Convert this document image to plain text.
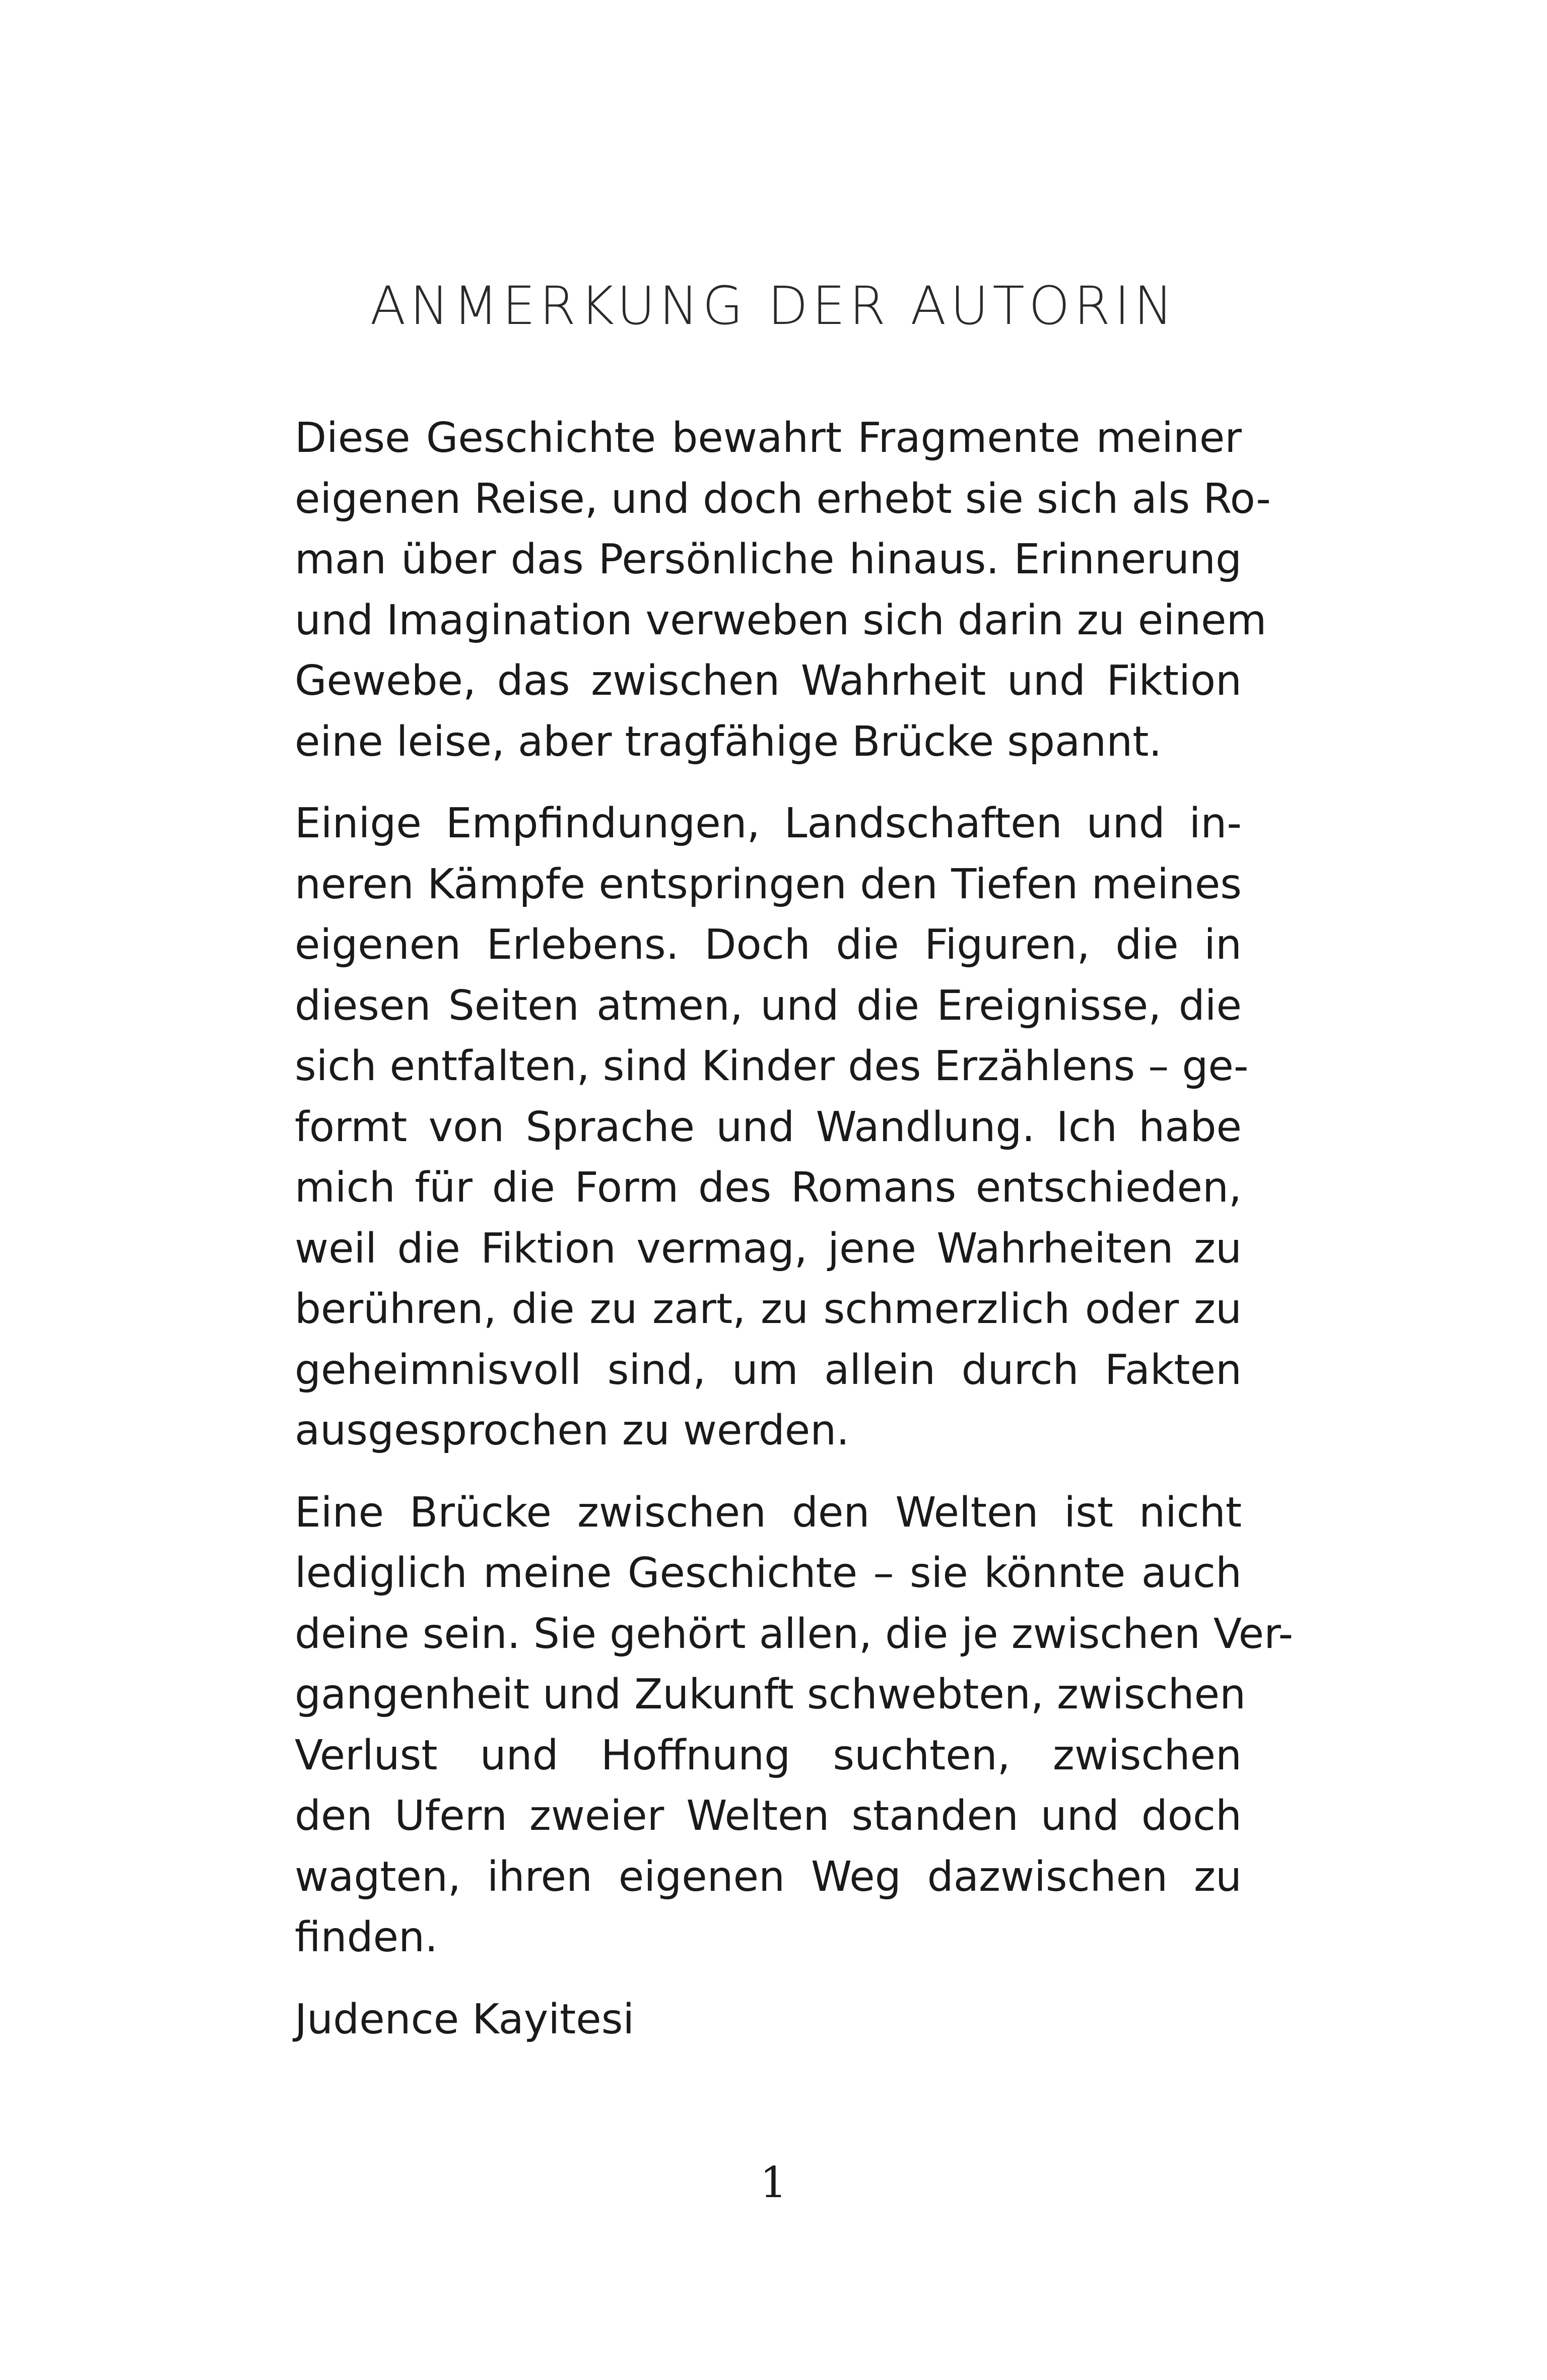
ANMERKUNG DER AUTORIN
Diese Geschichte bewahrt Fragmente meiner
eigenen Reise, und doch erhebt sie sich als Ro-
man über das Persönliche hinaus. Erinnerung
und Imagination verweben sich darin zu einem
Gewebe, das zwischen Wahrheit und Fiktion
eine leise, aber tragfähige Brücke spannt.
Einige Empfindungen, Landschaften und in-
neren Kämpfe entspringen den Tiefen meines
eigenen Erlebens. Doch die Figuren, die in
diesen Seiten atmen, und die Ereignisse, die
sich entfalten, sind Kinder des Erzählens – ge-
formt von Sprache und Wandlung. Ich habe
mich für die Form des Romans entschieden,
weil die Fiktion vermag, jene Wahrheiten zu
berühren, die zu zart, zu schmerzlich oder zu
geheimnisvoll sind, um allein durch Fakten
ausgesprochen zu werden.
Eine Brücke zwischen den Welten ist nicht
lediglich meine Geschichte – sie könnte auch
deine sein. Sie gehört allen, die je zwischen Ver-
gangenheit und Zukunft schwebten, zwischen
Verlust und Hoffnung suchten, zwischen
den Ufern zweier Welten standen und doch
wagten, ihren eigenen Weg dazwischen zu
finden.
Judence Kayitesi
1
